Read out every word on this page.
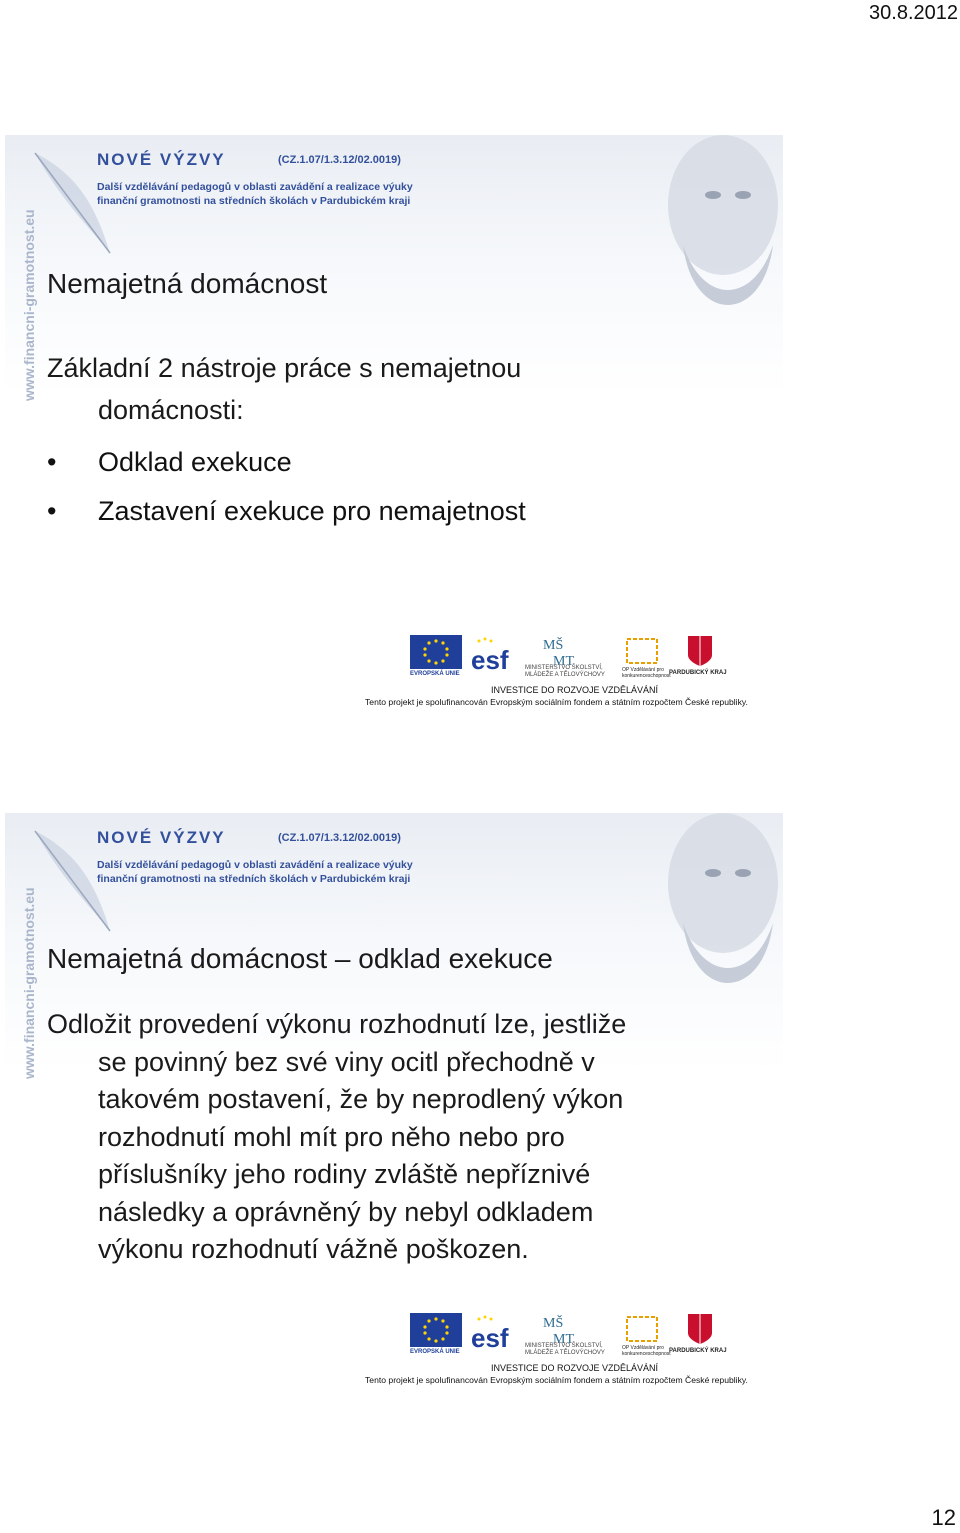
30.8.2012
NOVÉ VÝZVY	(CZ.1.07/1.3.12/02.0019)
Další vzdělávání pedagogů v oblasti zavádění a realizace výuky finanční gramotnosti na středních školách v Pardubickém kraji
www.financni-gramotnost.eu Nemajetná domácnost
Základní 2 nástroje práce s nemajetnou
domácnosti:
• Odklad exekuce
• Zastavení exekuce pro nemajetnost
EVROPSKÁ UNIE esf MŠ
MT
MINISTERSTVO ŠKOLSTVÍ, MLÁDEŽE A TĚLOVÝCHOVY
OP Vzdělávání pro konkurenceschopnost
PARDUBICKÝ KRAJ
INVESTICE DO ROZVOJE VZDĚLÁVÁNÍ
Tento projekt je spolufinancován Evropským sociálním fondem a státním rozpočtem České republiky.
NOVÉ VÝZVY	(CZ.1.07/1.3.12/02.0019)
Další vzdělávání pedagogů v oblasti zavádění a realizace výuky finanční gramotnosti na středních školách v Pardubickém kraji
www.financni-gramotnost.eu Nemajetná domácnost – odklad exekuce
Odložit provedení výkonu rozhodnutí lze, jestliže
se povinný bez své viny ocitl přechodně v
takovém postavení, že by neprodlený výkon
rozhodnutí mohl mít pro něho nebo pro
příslušníky jeho rodiny zvláště nepříznivé
následky a oprávněný by nebyl odkladem
výkonu rozhodnutí vážně poškozen.
EVROPSKÁ UNIE esf MŠ
MT
MINISTERSTVO ŠKOLSTVÍ, MLÁDEŽE A TĚLOVÝCHOVY
OP Vzdělávání pro konkurenceschopnost
PARDUBICKÝ KRAJ
INVESTICE DO ROZVOJE VZDĚLÁVÁNÍ
Tento projekt je spolufinancován Evropským sociálním fondem a státním rozpočtem České republiky.
12
